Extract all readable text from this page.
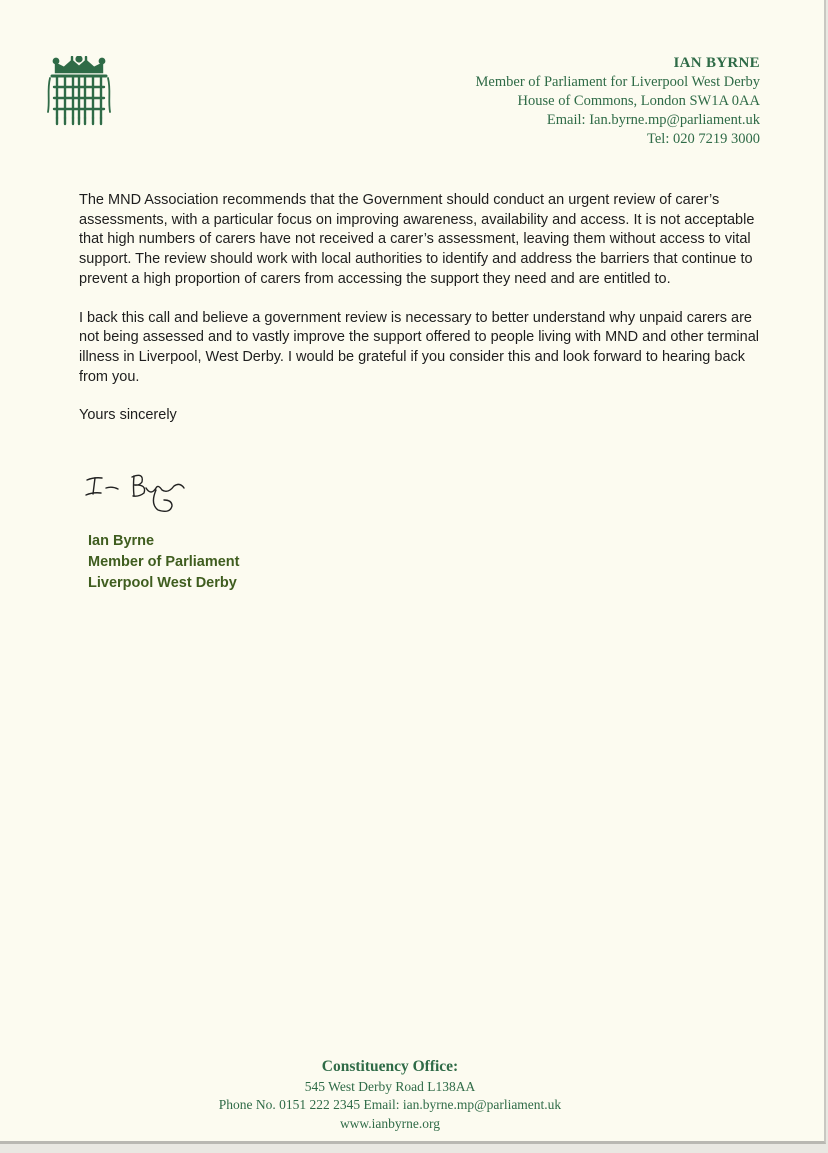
IAN BYRNE
Member of Parliament for Liverpool West Derby
House of Commons, London SW1A 0AA
Email: Ian.byrne.mp@parliament.uk
Tel: 020 7219 3000

The MND Association recommends that the Government should conduct an urgent review of carer’s assessments, with a particular focus on improving awareness, availability and access. It is not acceptable that high numbers of carers have not received a carer’s assessment, leaving them without access to vital support. The review should work with local authorities to identify and address the barriers that continue to prevent a high proportion of carers from accessing the support they need and are entitled to.

I back this call and believe a government review is necessary to better understand why unpaid carers are not being assessed and to vastly improve the support offered to people living with MND and other terminal illness in Liverpool, West Derby. I would be grateful if you consider this and look forward to hearing back from you.

Yours sincerely

Ian Byrne
Member of Parliament
Liverpool West Derby
Constituency Office:
545 West Derby Road L138AA
Phone No. 0151 222 2345 Email: ian.byrne.mp@parliament.uk
www.ianbyrne.org
